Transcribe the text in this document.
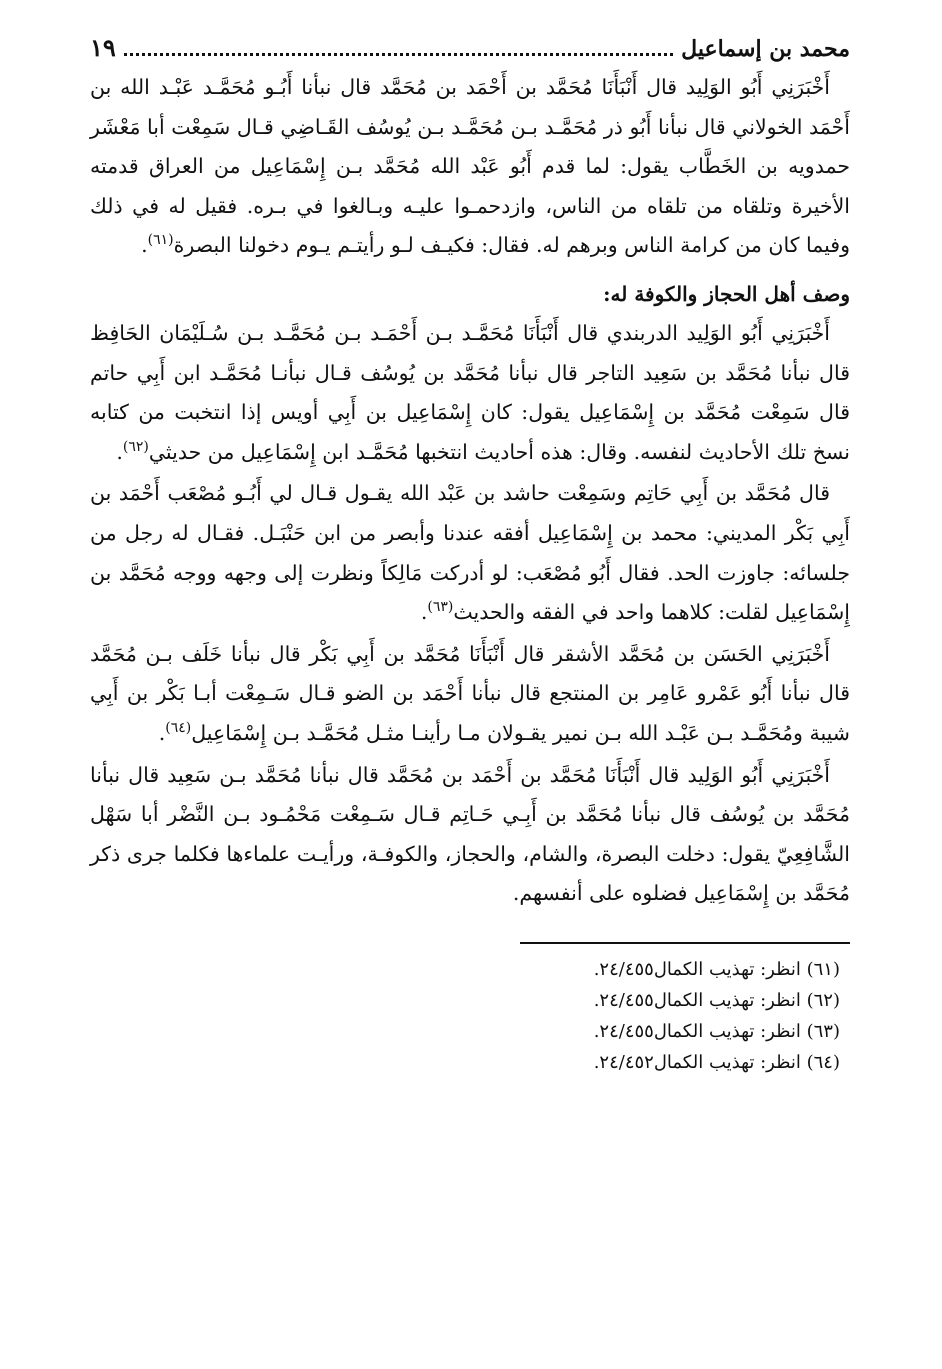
محمد بن إسماعيل
١٩

أَخْبَرَنِي أَبُو الوَلِيد قال أَنْبَأَنَا مُحَمَّد بن أَحْمَد بن مُحَمَّد قال نبأنا أَبُـو مُحَمَّـد عَبْـد الله بن أَحْمَد الخولاني قال نبأنا أَبُو ذر مُحَمَّـد بـن مُحَمَّـد بـن يُوسُف القَـاضِي قـال سَمِعْت أبا مَعْشَر حمدويه بن الخَطَّاب يقول: لما قدم أَبُو عَبْد الله مُحَمَّد بـن إِسْمَاعِيل من العراق قدمته الأخيرة وتلقاه من تلقاه من الناس، وازدحمـوا عليـه وبـالغوا في بـره. فقيل له في ذلك وفيما كان من كرامة الناس وبرهم له. فقال: فكيـف لـو رأيتـم يـوم دخولنا البصرة$^{(٦١)}$.

وصف أهل الحجاز والكوفة له:

أَخْبَرَنِي أَبُو الوَلِيد الدربندي قال أَنْبَأَنَا مُحَمَّـد بـن أَحْمَـد بـن مُحَمَّـد بـن سُـلَيْمَان الحَافِظ قال نبأنا مُحَمَّد بن سَعِيد التاجر قال نبأنا مُحَمَّد بن يُوسُف قـال نبأنـا مُحَمَّـد ابن أَبِي حاتم قال سَمِعْت مُحَمَّد بن إِسْمَاعِيل يقول: كان إِسْمَاعِيل بن أَبِي أويس إذا انتخبت من كتابه نسخ تلك الأحاديث لنفسه. وقال: هذه أحاديث انتخبها مُحَمَّـد ابن إِسْمَاعِيل من حديثي$^{(٦٢)}$.

قال مُحَمَّد بن أَبِي حَاتِم وسَمِعْت حاشد بن عَبْد الله يقـول قـال لي أَبُـو مُصْعَب أَحْمَد بن أَبِي بَكْر المديني: محمد بن إِسْمَاعِيل أفقه عندنا وأبصر من ابن حَنْبَـل. فقـال له رجل من جلسائه: جاوزت الحد. فقال أَبُو مُصْعَب: لو أدركت مَالِكاً ونظرت إلى وجهه ووجه مُحَمَّد بن إِسْمَاعِيل لقلت: كلاهما واحد في الفقه والحديث$^{(٦٣)}$.

أَخْبَرَنِي الحَسَن بن مُحَمَّد الأشقر قال أَنْبَأَنَا مُحَمَّد بن أَبِي بَكْر قال نبأنا خَلَف بـن مُحَمَّد قال نبأنا أَبُو عَمْرو عَامِر بن المنتجع قال نبأنا أَحْمَد بن الضو قـال سَـمِعْت أبـا بَكْر بن أَبِي شيبة ومُحَمَّـد بـن عَبْـد الله بـن نمير يقـولان مـا رأينـا مثـل مُحَمَّـد بـن إِسْمَاعِيل$^{(٦٤)}$.

أَخْبَرَنِي أَبُو الوَلِيد قال أَنْبَأَنَا مُحَمَّد بن أَحْمَد بن مُحَمَّد قال نبأنا مُحَمَّد بـن سَعِيد قال نبأنا مُحَمَّد بن يُوسُف قال نبأنا مُحَمَّد بن أَبِـي حَـاتِم قـال سَـمِعْت مَحْمُـود بـن النَّضْر أبا سَهْل الشَّافِعِيّ يقول: دخلت البصرة، والشام، والحجاز، والكوفـة، ورأيـت علماءها فكلما جرى ذكر مُحَمَّد بن إِسْمَاعِيل فضلوه على أنفسهم.

(٦١) انظر: تهذيب الكمال٢٤/٤٥٥.
(٦٢) انظر: تهذيب الكمال٢٤/٤٥٥.
(٦٣) انظر: تهذيب الكمال٢٤/٤٥٥.
(٦٤) انظر: تهذيب الكمال٢٤/٤٥٢.
